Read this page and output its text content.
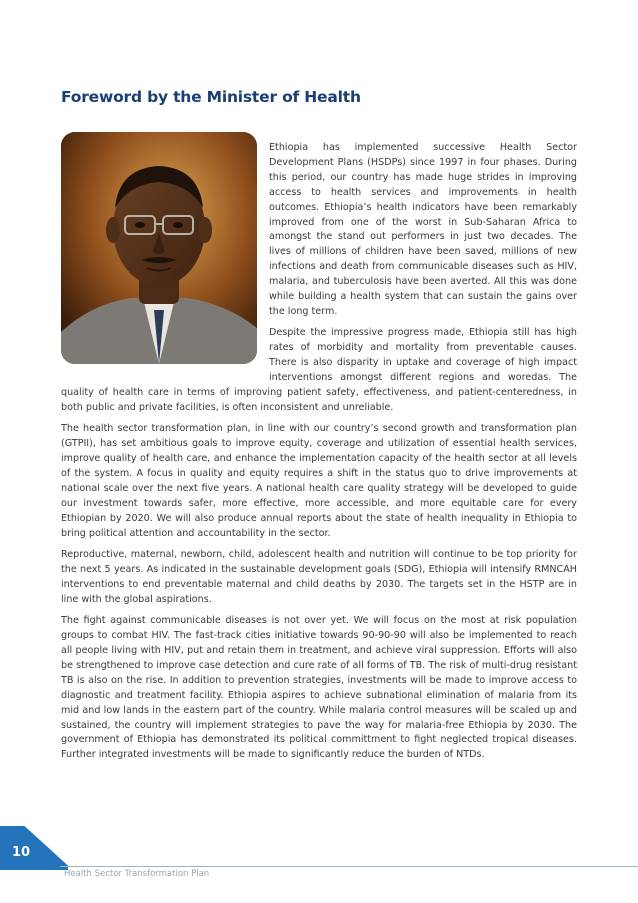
Foreword by the Minister of Health

Ethiopia has implemented successive Health Sector Development Plans (HSDPs) since 1997 in four phases. During this period, our country has made huge strides in improving access to health services and improvements in health outcomes. Ethiopia’s health indicators have been remarkably improved from one of the worst in Sub-Saharan Africa to amongst the stand out performers in just two decades. The lives of millions of children have been saved, millions of new infections and death from communicable diseases such as HIV, malaria, and tuberculosis have been averted. All this was done while building a health system that can sustain the gains over the long term.

Despite the impressive progress made, Ethiopia still has high rates of morbidity and mortality from preventable causes. There is also disparity in uptake and coverage of high impact interventions amongst different regions and woredas. The quality of health care in terms of improving patient safety, effectiveness, and patient-centeredness, in both public and private facilities, is often inconsistent and unreliable.

The health sector transformation plan, in line with our country’s second growth and transformation plan (GTPII), has set ambitious goals to improve equity, coverage and utilization of essential health services, improve quality of health care, and enhance the implementation capacity of the health sector at all levels of the system. A focus in quality and equity requires a shift in the status quo to drive improvements at national scale over the next five years. A national health care quality strategy will be developed to guide our investment towards safer, more effective, more accessible, and more equitable care for every Ethiopian by 2020. We will also produce annual reports about the state of health inequality in Ethiopia to bring political attention and accountability in the sector.

Reproductive, maternal, newborn, child, adolescent health and nutrition will continue to be top priority for the next 5 years. As indicated in the sustainable development goals (SDG), Ethiopia will intensify RMNCAH interventions to end preventable maternal and child deaths by 2030. The targets set in the HSTP are in line with the global aspirations.

The fight against communicable diseases is not over yet. We will focus on the most at risk population groups to combat HIV. The fast-track cities initiative towards 90-90-90 will also be implemented to reach all people living with HIV, put and retain them in treatment, and achieve viral suppression. Efforts will also be strengthened to improve case detection and cure rate of all forms of TB. The risk of multi-drug resistant TB is also on the rise. In addition to prevention strategies, investments will be made to improve access to diagnostic and treatment facility. Ethiopia aspires to achieve subnational elimination of malaria from its mid and low lands in the eastern part of the country. While malaria control measures will be scaled up and sustained, the country will implement strategies to pave the way for malaria-free Ethiopia by 2030. The government of Ethiopia has demonstrated its political committment to fight neglected tropical diseases. Further integrated investments will be made to significantly reduce the burden of NTDs.

10
Health Sector Transformation Plan
